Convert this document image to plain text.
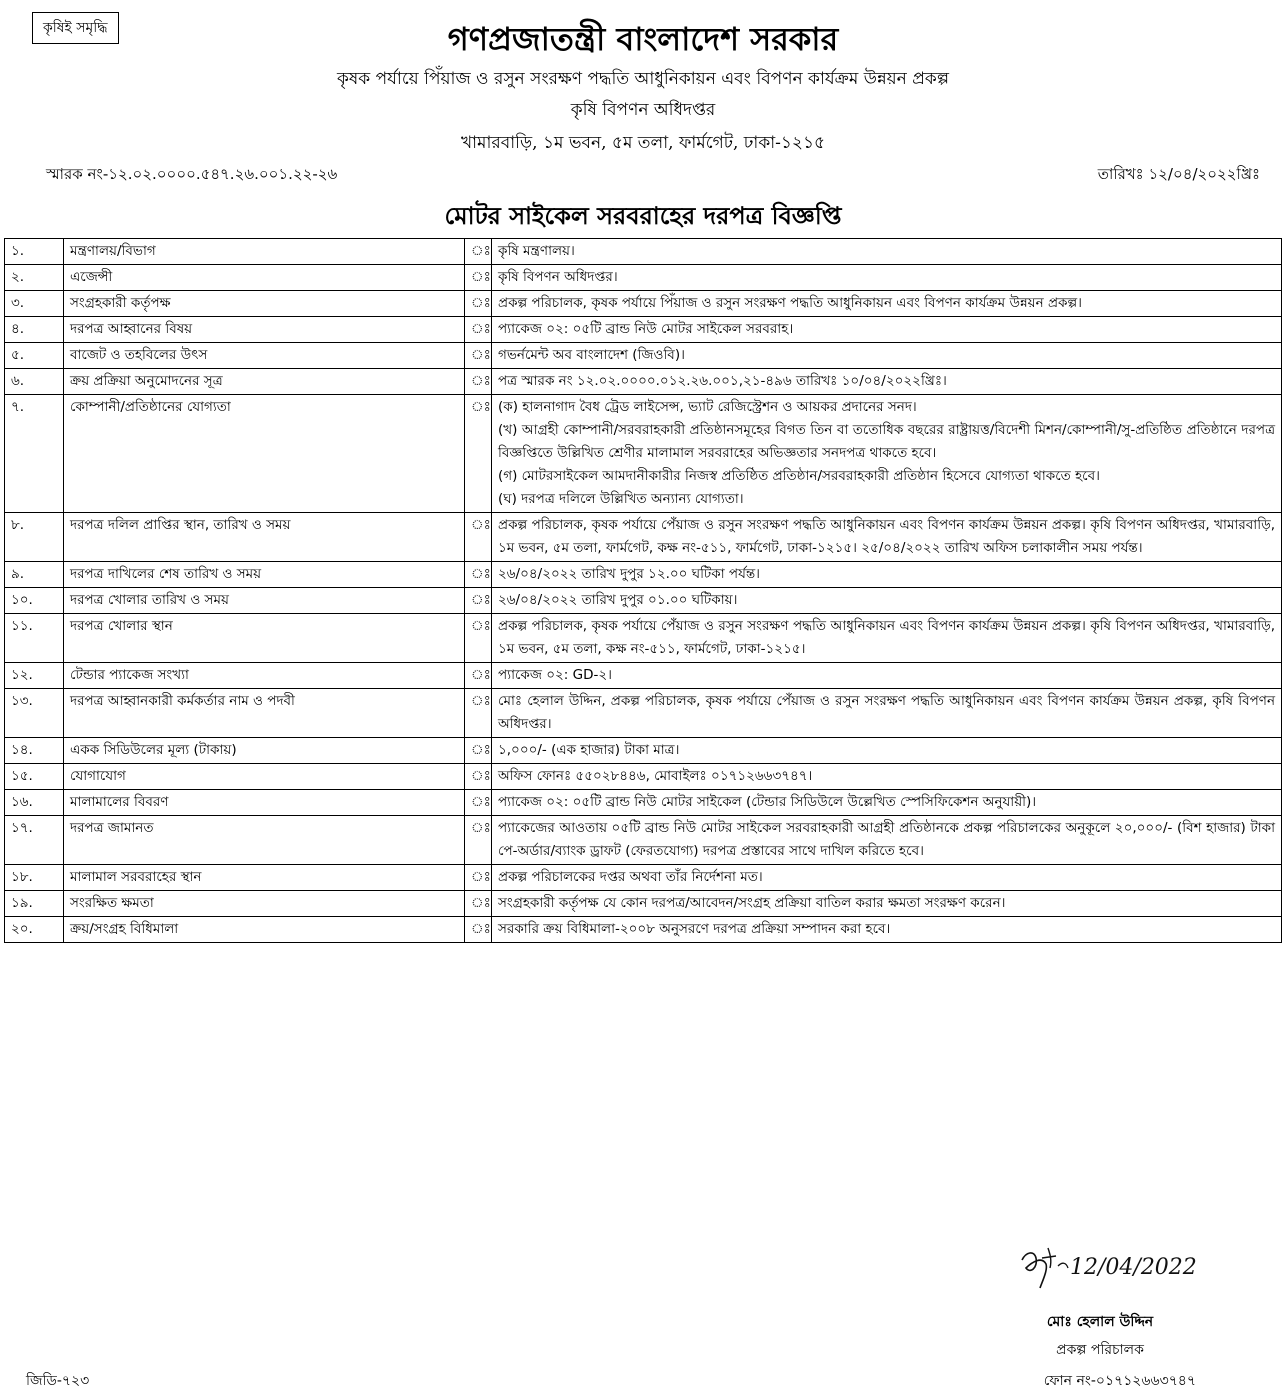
কৃষিই সমৃদ্ধি	গণপ্রজাতন্ত্রী বাংলাদেশ সরকার
কৃষক পর্যায়ে পিঁয়াজ ও রসুন সংরক্ষণ পদ্ধতি আধুনিকায়ন এবং বিপণন কার্যক্রম উন্নয়ন প্রকল্প
কৃষি বিপণন অধিদপ্তর
খামারবাড়ি, ১ম ভবন, ৫ম তলা, ফার্মগেট, ঢাকা-১২১৫
স্মারক নং-১২.০২.০০০০.৫৪৭.২৬.০০১.২২-২৬	তারিখঃ ১২/০৪/২০২২খ্রিঃ
মোটর সাইকেল সরবরাহের দরপত্র বিজ্ঞপ্তি
১.	মন্ত্রণালয়/বিভাগ	ঃ	কৃষি মন্ত্রণালয়।

২.	এজেন্সী	ঃ	কৃষি বিপণন অধিদপ্তর।

৩.	সংগ্রহকারী কর্তৃপক্ষ	ঃ	প্রকল্প পরিচালক, কৃষক পর্যায়ে পিঁয়াজ ও রসুন সংরক্ষণ পদ্ধতি আধুনিকায়ন এবং বিপণন কার্যক্রম উন্নয়ন প্রকল্প।

৪.	দরপত্র আহ্বানের বিষয়	ঃ	প্যাকেজ ০২: ০৫টি ব্রান্ড নিউ মোটর সাইকেল সরবরাহ।

৫.	বাজেট ও তহবিলের উৎস	ঃ	গভর্নমেন্ট অব বাংলাদেশ (জিওবি)।

৬.	ক্রয় প্রক্রিয়া অনুমোদনের সূত্র	ঃ	পত্র স্মারক নং ১২.০২.০০০০.০১২.২৬.০০১,২১-৪৯৬ তারিখঃ ১০/০৪/২০২২খ্রিঃ।

৭.	কোম্পানী/প্রতিষ্ঠানের যোগ্যতা	ঃ	(ক) হালনাগাদ বৈধ ট্রেড লাইসেন্স, ভ্যাট রেজিস্ট্রেশন ও আয়কর প্রদানের সনদ।
(খ) আগ্রহী কোম্পানী/সরবরাহকারী প্রতিষ্ঠানসমূহের বিগত তিন বা ততোধিক বছরের রাষ্ট্রায়ত্ত/বিদেশী মিশন/কোম্পানী/সু-প্রতিষ্ঠিত প্রতিষ্ঠানে দরপত্র বিজ্ঞপ্তিতে উল্লিখিত শ্রেণীর মালামাল সরবরাহের অভিজ্ঞতার সনদপত্র থাকতে হবে।
(গ) মোটরসাইকেল আমদানীকারীর নিজস্ব প্রতিষ্ঠিত প্রতিষ্ঠান/সরবরাহকারী প্রতিষ্ঠান হিসেবে যোগ্যতা থাকতে হবে।
(ঘ) দরপত্র দলিলে উল্লিখিত অন্যান্য যোগ্যতা।

৮.	দরপত্র দলিল প্রাপ্তির স্থান, তারিখ ও সময়	ঃ	প্রকল্প পরিচালক, কৃষক পর্যায়ে পেঁয়াজ ও রসুন সংরক্ষণ পদ্ধতি আধুনিকায়ন এবং বিপণন কার্যক্রম উন্নয়ন প্রকল্প। কৃষি বিপণন অধিদপ্তর, খামারবাড়ি, ১ম ভবন, ৫ম তলা, ফার্মগেট, কক্ষ নং-৫১১, ফার্মগেট, ঢাকা-১২১৫। ২৫/০৪/২০২২ তারিখ অফিস চলাকালীন সময় পর্যন্ত।

৯.	দরপত্র দাখিলের শেষ তারিখ ও সময়	ঃ	২৬/০৪/২০২২ তারিখ দুপুর ১২.০০ ঘটিকা পর্যন্ত।

১০.	দরপত্র খোলার তারিখ ও সময়	ঃ	২৬/০৪/২০২২ তারিখ দুপুর ০১.০০ ঘটিকায়।

১১.	দরপত্র খোলার স্থান	ঃ	প্রকল্প পরিচালক, কৃষক পর্যায়ে পেঁয়াজ ও রসুন সংরক্ষণ পদ্ধতি আধুনিকায়ন এবং বিপণন কার্যক্রম উন্নয়ন প্রকল্প। কৃষি বিপণন অধিদপ্তর, খামারবাড়ি, ১ম ভবন, ৫ম তলা, কক্ষ নং-৫১১, ফার্মগেট, ঢাকা-১২১৫।

১২.	টেন্ডার প্যাকেজ সংখ্যা	ঃ	প্যাকেজ ০২: GD-২।

১৩.	দরপত্র আহ্বানকারী কর্মকর্তার নাম ও পদবী	ঃ	মোঃ হেলাল উদ্দিন, প্রকল্প পরিচালক, কৃষক পর্যায়ে পেঁয়াজ ও রসুন সংরক্ষণ পদ্ধতি আধুনিকায়ন এবং বিপণন কার্যক্রম উন্নয়ন প্রকল্প, কৃষি বিপণন অধিদপ্তর।

১৪.	একক সিডিউলের মূল্য (টাকায়)	ঃ	১,০০০/- (এক হাজার) টাকা মাত্র।

১৫.	যোগাযোগ	ঃ	অফিস ফোনঃ ৫৫০২৮৪৪৬, মোবাইলঃ ০১৭১২৬৬৩৭৪৭।

১৬.	মালামালের বিবরণ	ঃ	প্যাকেজ ০২: ০৫টি ব্রান্ড নিউ মোটর সাইকেল (টেন্ডার সিডিউলে উল্লেখিত স্পেসিফিকেশন অনুযায়ী)।

১৭.	দরপত্র জামানত	ঃ	প্যাকেজের আওতায় ০৫টি ব্রান্ড নিউ মোটর সাইকেল সরবরাহকারী আগ্রহী প্রতিষ্ঠানকে প্রকল্প পরিচালকের অনুকূলে ২০,০০০/- (বিশ হাজার) টাকা পে-অর্ডার/ব্যাংক ড্রাফট (ফেরতযোগ্য) দরপত্র প্রস্তাবের সাথে দাখিল করিতে হবে।

১৮.	মালামাল সরবরাহের স্থান	ঃ	প্রকল্প পরিচালকের দপ্তর অথবা তাঁর নির্দেশনা মত।

১৯.	সংরক্ষিত ক্ষমতা	ঃ	সংগ্রহকারী কর্তৃপক্ষ যে কোন দরপত্র/আবেদন/সংগ্রহ প্রক্রিয়া বাতিল করার ক্ষমতা সংরক্ষণ করেন।

২০.	ক্রয়/সংগ্রহ বিধিমালা	ঃ	সরকারি ক্রয় বিধিমালা-২০০৮ অনুসরণে দরপত্র প্রক্রিয়া সম্পাদন করা হবে।
12/04/2022
মোঃ হেলাল উদ্দিন
প্রকল্প পরিচালক
ফোন নং-০১৭১২৬৬৩৭৪৭
জিডি-৭২৩
